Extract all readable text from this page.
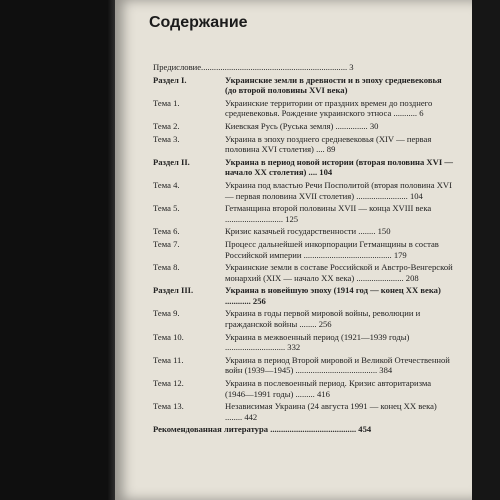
Содержание
Предисловие.................................................................... 3
Раздел I.	Украинские земли в древности и в эпоху средневековья (до второй половины XVI века)
Тема 1.	Украинские территории от праздних времен до позднего средневековья. Рождение украинского этноса ........... 6
Тема 2.	Киевская Русь (Руська земля) ............... 30
Тема 3.	Украина в эпоху позднего средневековья (XIV — первая половина XVI столетия) .... 89
Раздел II.	Украина в период новой истории (вторая половина XVI — начало XX столетия) .... 104
Тема 4.	Украина под властью Речи Посполитой (вторая половина XVI — первая половина XVII столетия) ........................ 104
Тема 5.	Гетманщина второй половины XVII — конца XVIII века ........................... 125
Тема 6.	Кризис казачьей государственности ........ 150
Тема 7.	Процесс дальнейшей инкорпорации Гетманщины в состав Российской империи ......................................... 179
Тема 8.	Украинские земли в составе Российской и Австро-Венгерской монархий (XIX — начало XX века) ...................... 208
Раздел III.	Украина в новейшую эпоху (1914 год — конец XX века) ............ 256
Тема 9.	Украина в годы первой мировой войны, революции и гражданской войны ........ 256
Тема 10.	Украина в межвоенный период (1921—1939 годы) ............................ 332
Тема 11.	Украина в период Второй мировой и Великой Отечественной войн (1939—1945) ...................................... 384
Тема 12.	Украина в послевоенный период. Кризис авторитаризма (1946—1991 годы) ......... 416
Тема 13.	Независимая Украина (24 августа 1991 — конец XX века) ........ 442
Рекомендованная литература ........................................ 454
